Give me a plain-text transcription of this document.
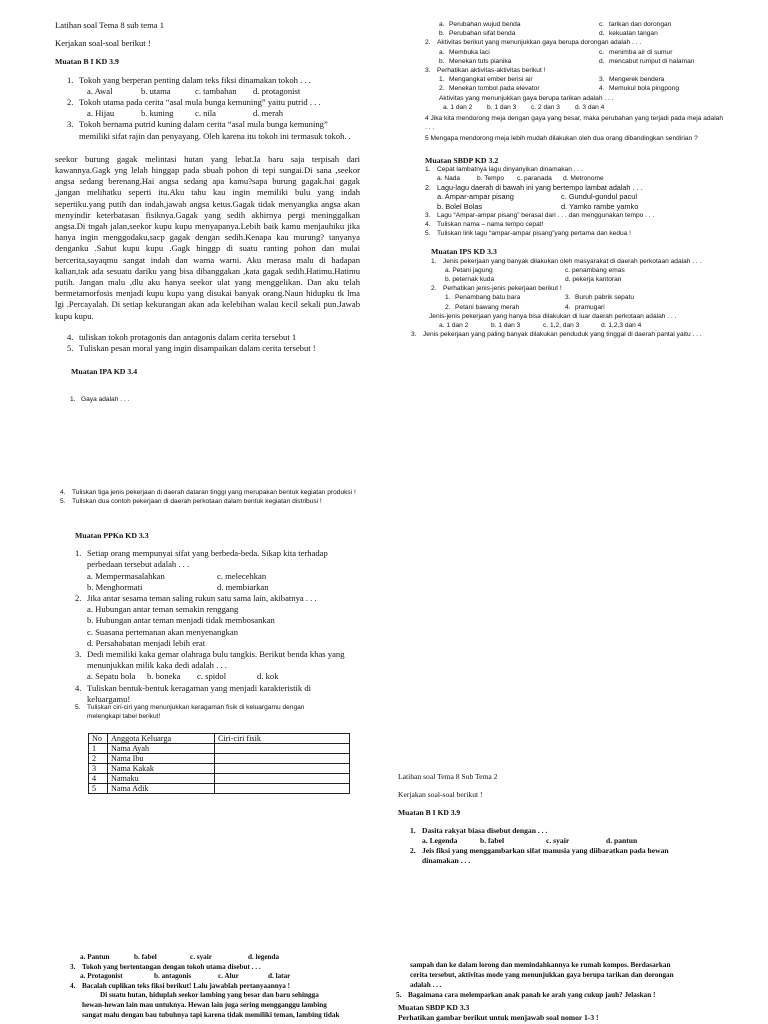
Latihan soal Tema 8 sub tema 1
Kerjakan soal-soal berikut !
Muatan B I KD 3.9
1. Tokoh yang berperan penting dalam teks fiksi dinamakan tokoh . . .
a. Awal	b. utama	c. tambahan	d. protagonist
2. Tokoh utama pada cerita “asal mula bunga kemuning” yaitu putrid . . .
a. Hijau	b. kuning	c. nila	d. merah
3. Tokoh bernama putrid kuning dalam cerita “asal mula bunga kemuning”
memiliki sifat rajin dan penyayang. Oleh karena itu tokoh ini termasuk tokoh. .
seekor burung gagak melintasi hutan yang lebat.Ia baru saja terpisah dari kawannya.Gagk yng lelah hinggap pada sbuah pohon di tepi sungai.Di sana ,seekor angsa sedang berenang.Hai angsa sedang apa kamu?sapa burung gagak.hai gagak ,jangan melihatku seperti itu.Aku tahu kau ingin memiliki bulu yang indah sepertiku.yang putih dan indah,jawab angsa ketus.Gagak tidak menyangka angsa akan menyindir keterbatasan fisiknya.Gagak yang sedih akhirnya pergi meninggalkan angsa.Di tngah jalan,seekor kupu kupu menyapanya.Lebih baik kamu menjauhiku jika hanya ingin menggodaku,sacp gagak dengan sedih.Kenapa kau murung? tanyanya denganku .Sahut kupu kupu .Gagk hinggp di suatu ranting pohon dan mulai bercerita,sayaqmu sangat indah dan warna warni. Aku merasa malu di hadapan kalian,tak ada sesuatu dariku yang bisa dibanggakan ,kata gagak sedih.Hatimu.Hatimu putih. Jangan malu ,dlu aku hanya seekor ulat yang menggelikan. Dan aku telah bermetamorfosis menjadi kupu kupu yang disukai banyak orang.Naun hidupku tk lma lgi .Percayalah. Di setiap kekurangan akan ada kelebihan walau kecil sekali pun.Jawab kupu kupu.
4. tuliskan tokoh protagonis dan antagonis dalam cerita tersebut 1
5. Tuliskan pesan moral yang ingin disampaikan dalam cerita tersebut !
Muatan IPA KD 3.4
1.   Gaya adalah . . .
a. Perubahan wujud benda	c. tarikan dan dorongan
b. Perubahan sifat benda	d. kekuatan tangan
2. Aktivitas berikut yang menunjukkan gaya berupa dorongan adalah . . .
a. Membuka laci	c. menimba air di sumur
b. Menekan tuts pianika	d. mencabut rumput di halaman
3. Perhatikan aktivitas-aktivitas berikut !
1. Mengangkat ember berisi air	3. Mengerek bendera
2. Menekan tombol pada elevator	4. Memukul bola pingpong
Aktivitas yang menunjukkan gaya berupa tarikan adalah . . .
a. 1 dan 2	b. 1 dan 3	c. 2 dan 3	d. 3 dan 4
4 Jika kita mendorong meja dengan gaya yang besar, maka perubahan yang terjadi pada meja adalah . . .
5 Mengapa mendorong meja lebih mudah dilakukan oleh dua orang dibandingkan sendirian ?
Muatan SBDP KD 3.2
1. Cepat lambatnya lagu dinyanyikan dinamakan . . .
a. Nada	b. Tempo	c. paranada	d. Metronome
2. Lagu-lagu daerah di bawah ini yang bertempo lambat adalah . . .
a. Ampar-ampar pisang	c. Gundul-gundul pacul
b. Bolel Bolas	d. Yamko rambe yamko
3. Lagu “Ampar-ampar pisang” berasal dari . . . dan menggunakan tempo . . .
4. Tuliskan nama – nama tempo cepat!
5. Tuliskan lirik lagu “ampar-ampar pisang”yang pertama dan kedua !
Muatan IPS KD 3.3
1. Jenis pekerjaan yang banyak dilakukan oleh masyarakat di daerah perkotaan adalah . . .
a. Petani jagung	c. penambang emas
b. peternak kuda	d. pekerja kantoran
2. Perhatikan jenis-jenis pekerjaan berikut !
1. Penambang batu bara	3. Buruh pabrik sepatu
2. Petani bawang merah	4. pramugari
Jenis-jenis pekerjaan yang hanya bisa dilakukan di luar daerah perkotaan adalah . . .
a. 1 dan 2	b. 1 dan 3	c. 1,2, dan 3	d. 1,2,3 dan 4
3. Jenis pekerjaan yang paling banyak dilakukan penduduk yang tinggal di daerah pantai yaitu . . .
4. Tuliskan tiga jenis pekerjaan di daerah dataran tinggi yang merupakan bentuk kegiatan produksi !
5. Tuliskan dua contoh pekerjaan di daerah perkotaan dalam bentuk kegiatan distribusi !
Muatan PPKn KD 3.3
1. Setiap orang mempunyai sifat yang berbeda-beda. Sikap kita terhadap
perbedaan tersebut adalah . . .
a. Mempermasalahkan	c. melecehkan
b. Menghormati	d. membiarkan
2. Jika antar sesama teman saling rukun satu sama lain, akibatnya . . .
a. Hubungan antar teman semakin renggang
b. Hubungan antar teman menjadi tidak membosankan
c. Suasana pertemanan akan menyenangkan
d. Persahabatan menjadi lebih erat
3. Dedi memiliki kaka gemar olahraga bulu tangkis. Berikut benda khas yang
menunjukkan milik kaka dedi adalah . . .
a. Sepatu bola	b. boneka	c. spidol	d. kok
4. Tuliskan bentuk-bentuk keragaman yang menjadi karakteristik di
keluargamu!
5. Tuliskan ciri-ciri yang menunjukkan keragaman fisik di keluargamu dengan
melengkapi tabel berikut!
No	Anggota Keluarga	Ciri-ciri fisik
1	Nama Ayah	
2	Nama Ibu	
3	Nama Kakak	
4	Namaku	
5	Nama Adik	
Latihan soal Tema 8 Sub Tema 2
Kerjakan soal-soal berikut !
Muatan B I KD 3.9
1. Dasita rakyat biasa disebut dengan . . .
a. Legenda	b. fabel	c. syair	d. pantun
2. Jeis fiksi yang menggambarkan sifat manusia yang diibaratkan pada hewan
dinamakan . . .
a. Pantun	b. fabel	c. syair	d. legenda
3. Tokoh yang bertentangan dengan tokoh utama disebut . . .
a. Protagonist	b. antagonis	c. Alur	d. latar
4. Bacalah cuplikan teks fiksi berikut! Lalu jawablah pertanyaannya !
Di suatu hutan, hiduplah seekor lambing yang besar dan baru sehingga
hewan-hewan lain mau untuknya. Hewan lain juga sering mengganggu lambing
sangat malu dengan bau tubuhnya tapi karena tidak memiliki teman, lambing tidak
sampah dan ke dalam lorong dan memindahkannya ke rumah kompos. Berdasarkan
cerita tersebut, aktivitas mode yang menunjukkan gaya berupa tarikan dan dorongan
adalah . . .
5. Bagaimana cara melemparkan anak panah ke arah yang cukup jauh? Jelaskan !
Muatan SBDP KD 3.3
Perhatikan gambar berikut untuk menjawab soal nomor 1-3 !
